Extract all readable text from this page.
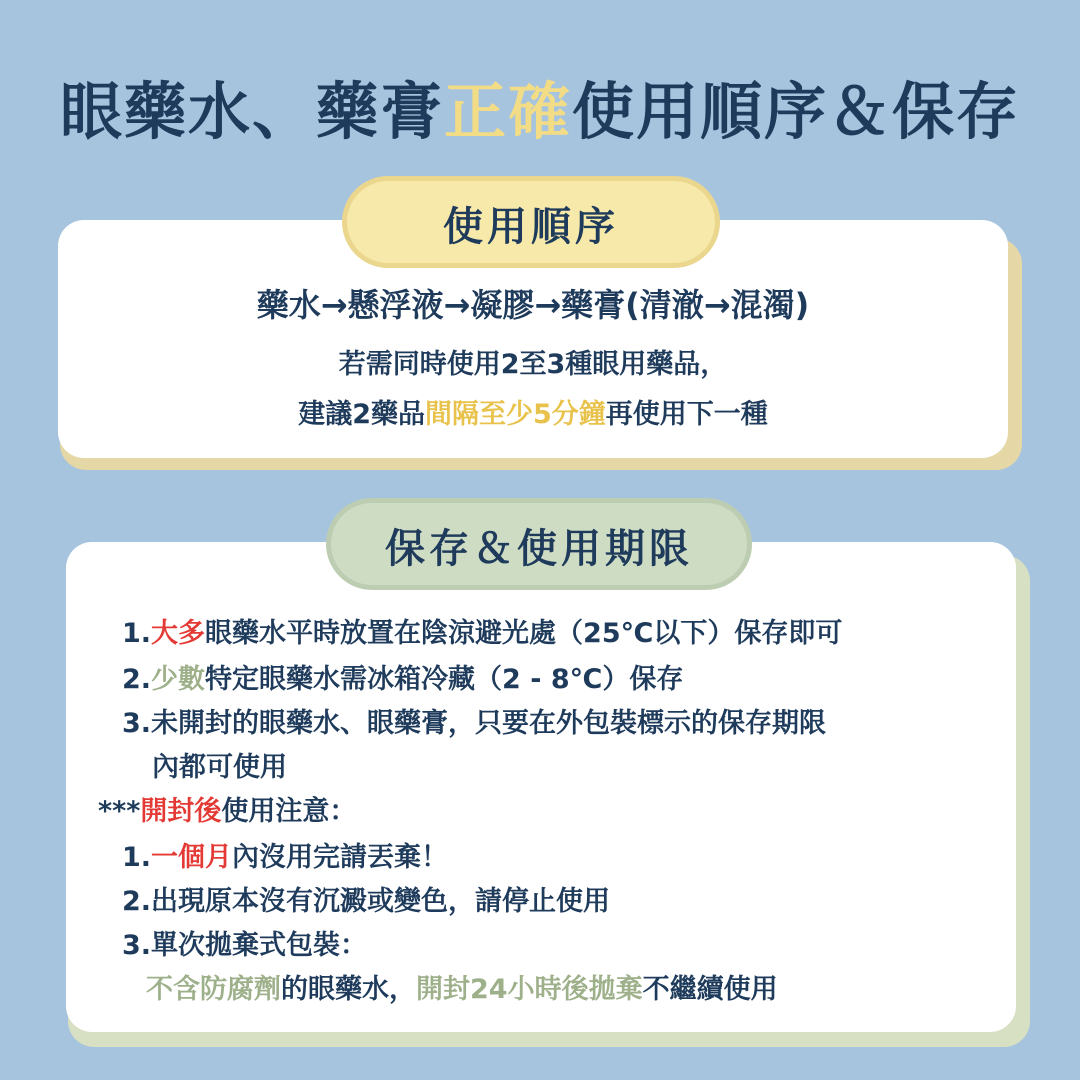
眼藥水、藥膏正確使用順序＆保存
使用順序
藥水→懸浮液→凝膠→藥膏(清澈→混濁)
若需同時使用2至3種眼用藥品，
建議2藥品間隔至少5分鐘再使用下一種
保存＆使用期限
1.大多眼藥水平時放置在陰涼避光處（25℃以下）保存即可
2.少數特定眼藥水需冰箱冷藏（2 - 8℃）保存
3.未開封的眼藥水、眼藥膏，只要在外包裝標示的保存期限
內都可使用
***開封後使用注意：
1.一個月內沒用完請丟棄！
2.出現原本沒有沉澱或變色，請停止使用
3.單次拋棄式包裝：
不含防腐劑的眼藥水，開封24小時後拋棄不繼續使用
